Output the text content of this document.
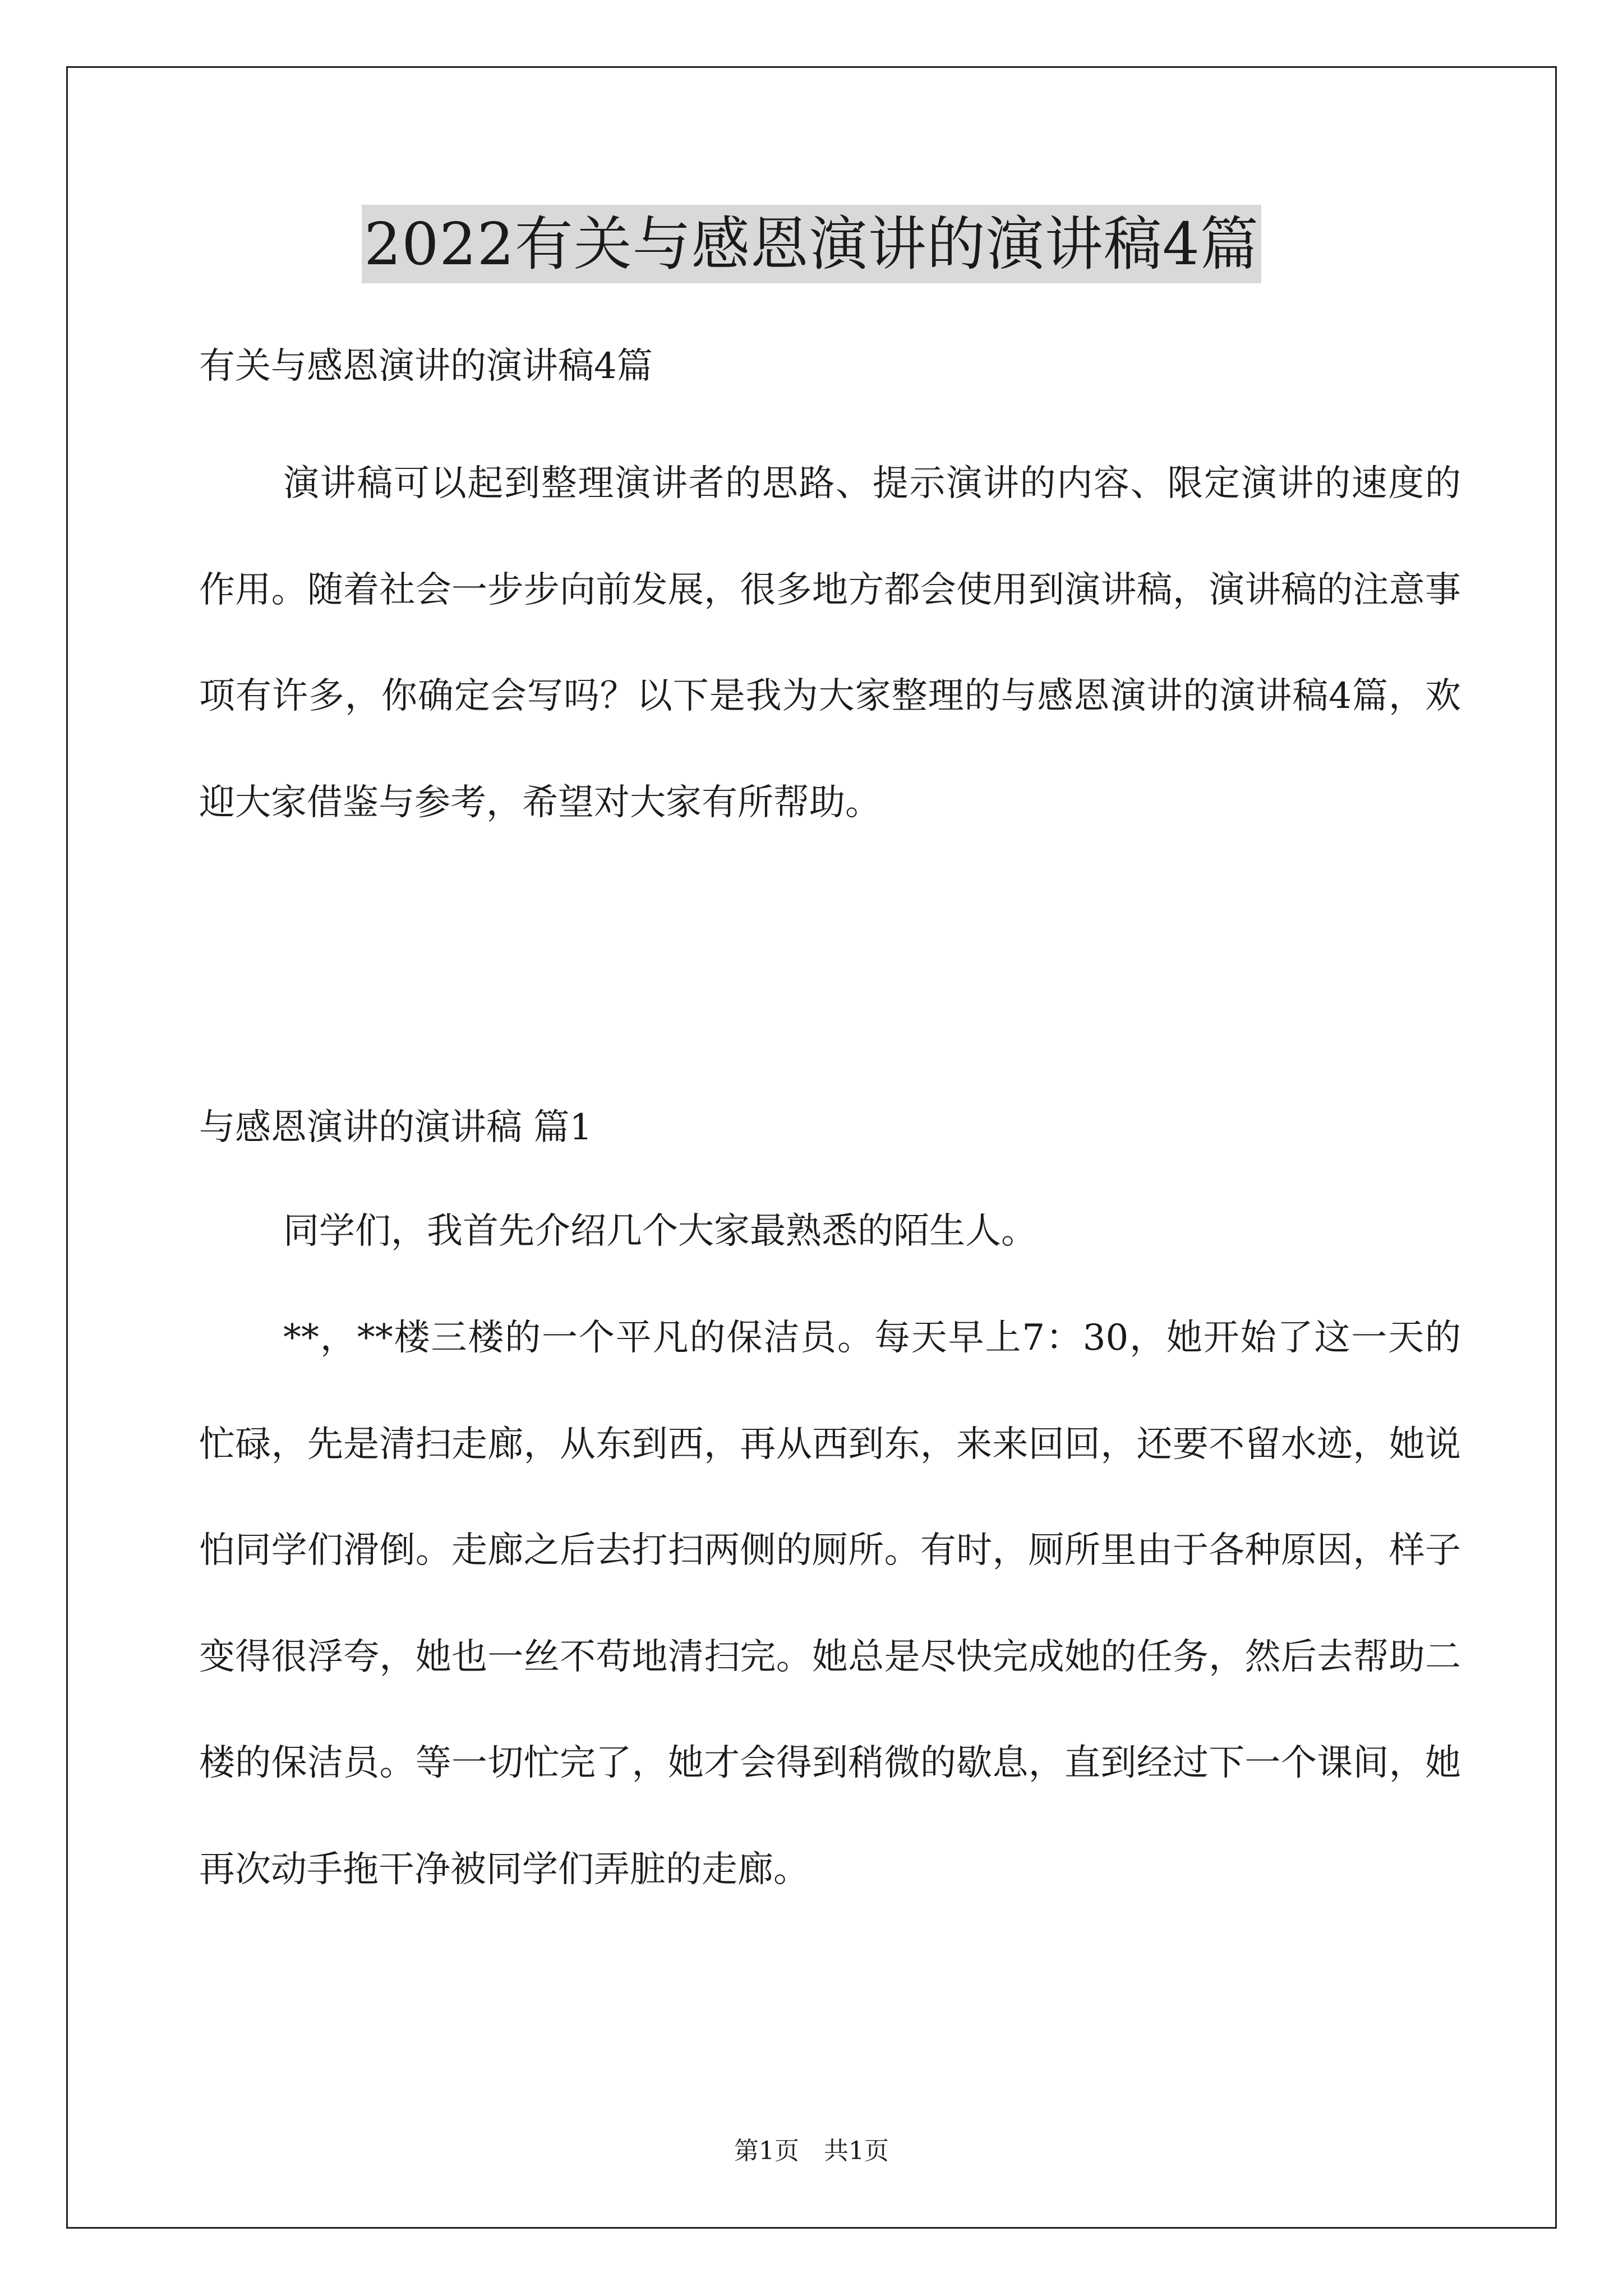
2022有关与感恩演讲的演讲稿4篇

有关与感恩演讲的演讲稿4篇

演讲稿可以起到整理演讲者的思路、提示演讲的内容、限定演讲的速度的作用。随着社会一步步向前发展，很多地方都会使用到演讲稿，演讲稿的注意事项有许多，你确定会写吗？以下是我为大家整理的与感恩演讲的演讲稿4篇，欢迎大家借鉴与参考，希望对大家有所帮助。

与感恩演讲的演讲稿 篇1

同学们，我首先介绍几个大家最熟悉的陌生人。

**，**楼三楼的一个平凡的保洁员。每天早上7：30，她开始了这一天的忙碌，先是清扫走廊，从东到西，再从西到东，来来回回，还要不留水迹，她说怕同学们滑倒。走廊之后去打扫两侧的厕所。有时，厕所里由于各种原因，样子变得很浮夸，她也一丝不苟地清扫完。她总是尽快完成她的任务，然后去帮助二楼的保洁员。等一切忙完了，她才会得到稍微的歇息，直到经过下一个课间，她再次动手拖干净被同学们弄脏的走廊。

第1页　共1页
